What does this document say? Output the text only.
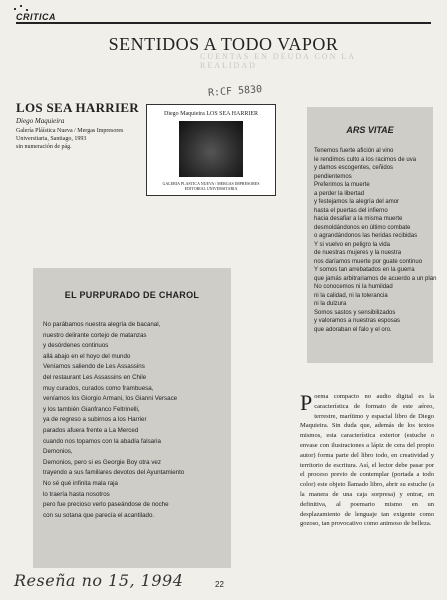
CRITICA
SENTIDOS A TODO VAPOR
CUENTAS EN DEUDA CON LA REALIDAD
LOS SEA HARRIER
Diego Maquieira
Galería Pláística Nueva / Mergas Impresores
Universitaria, Santiago, 1993
sin numeración de pág.
R:CF 5830
Diego Maquieira LOS SEA HARRIER
GALERIA PLASTICA NUEVA / MERGAS IMPRESORES
EDITORIAL UNIVERSITARIA
ARS VITAE
Tenemos fuerte afición al vino
le rendimos culto a los racimos de uva
y damos escogentes, ceñidos
pendientemos
Preferimos la muerte
a perder la libertad
y festejamos la alegría del amor
hasta el puertas del infierno
hacia desafiar a la misma muerte
desmoldándonos en último combate
o agrandándonos las heridas recibidas
Y si vuelvo en peligro la vida
de nuestras mujeres y la nuestra
nos daríamos muerte por guate continuo
Y somos tan arrebatados en la guerra
que jamás arbitrariamos de acuerdo a un plan
No conocemos ni la humildad
ni la calidad, ni la tolerancia
ni la dulzura
Somos sastos y sensibilizados
y valoramos a nuestras esposas
que adoraban el falo y el oro.
EL PURPURADO DE CHAROL
No parábamos nuestra alegría de bacanal,
nuestro delirante cortejo de matanzas
y desórdenes continuos
allá abajo en el hoyo del mundo
Veníamos saliendo de Les Assassins
del restaurant Les Assassins en Chile
muy curados, curados como frambuesa,
veníamos los Giorgio Armani, los Gianni Versace
y los también Gianfranco Feltrinelli,
ya de regreso a subirnos a los Harrier
parados afuera frente a La Merced
cuando nos topamos con la abadía falsaria
Demonios,
Demonios, pero si es Georgie Boy otra vez
trayendo a sus familiares devotos del Ayuntamiento
No sé qué infinita mala raja
lo traería hasta nosotros
pero fue precioso verlo paseándose de noche
con su sotana que parecía el acantilado.
P oema compacto no audio digital es la característica de formato de este aéreo, terrestre, marítimo y espacial libro de Diego Maquieira. Sin duda que, además de los textos mismos, esta característica exterior (estuche o envase con ilustraciones a lápiz de cera del propio autor) forma parte del libro todo, en creatividad y territorio de escritura. Así, el lector debe pasar por el proceso previo de contemplar (portada a todo color) este objeto llamado libro, abrir su estuche (a la manera de una caja sorpresa) y entrar, en definitiva, al poemario mismo en un desplazamiento de lenguaje tan exigente como gozoso, tan provocativo como animoso de belleza.
Reseña no 15, 1994	22
